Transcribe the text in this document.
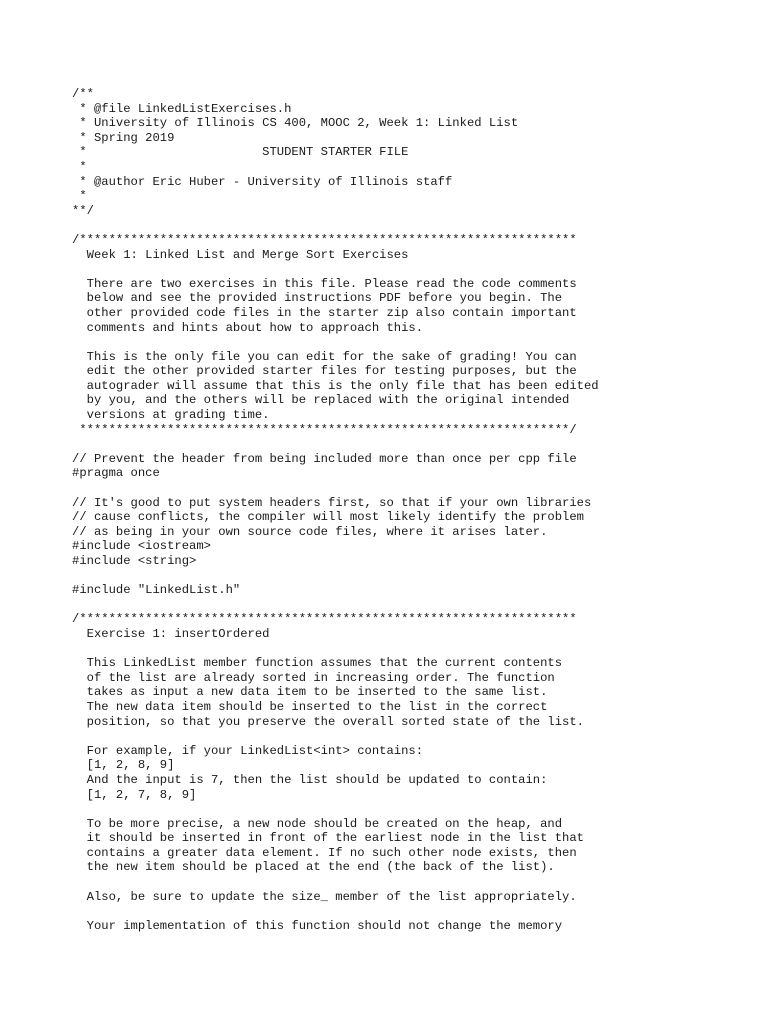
/**
* @file LinkedListExercises.h
* University of Illinois CS 400, MOOC 2, Week 1: Linked List
* Spring 2019
*                        STUDENT STARTER FILE
*
* @author Eric Huber - University of Illinois staff
*
**/
/********************************************************************
Week 1: Linked List and Merge Sort Exercises
There are two exercises in this file. Please read the code comments
below and see the provided instructions PDF before you begin. The
other provided code files in the starter zip also contain important
comments and hints about how to approach this.
This is the only file you can edit for the sake of grading! You can
edit the other provided starter files for testing purposes, but the
autograder will assume that this is the only file that has been edited
by you, and the others will be replaced with the original intended
versions at grading time.
*******************************************************************/
// Prevent the header from being included more than once per cpp file
#pragma once
// It's good to put system headers first, so that if your own libraries
// cause conflicts, the compiler will most likely identify the problem
// as being in your own source code files, where it arises later.
#include <iostream>
#include <string>
#include "LinkedList.h"
/********************************************************************
Exercise 1: insertOrdered
This LinkedList member function assumes that the current contents
of the list are already sorted in increasing order. The function
takes as input a new data item to be inserted to the same list.
The new data item should be inserted to the list in the correct
position, so that you preserve the overall sorted state of the list.
For example, if your LinkedList<int> contains:
[1, 2, 8, 9]
And the input is 7, then the list should be updated to contain:
[1, 2, 7, 8, 9]
To be more precise, a new node should be created on the heap, and
it should be inserted in front of the earliest node in the list that
contains a greater data element. If no such other node exists, then
the new item should be placed at the end (the back of the list).
Also, be sure to update the size_ member of the list appropriately.
Your implementation of this function should not change the memory
